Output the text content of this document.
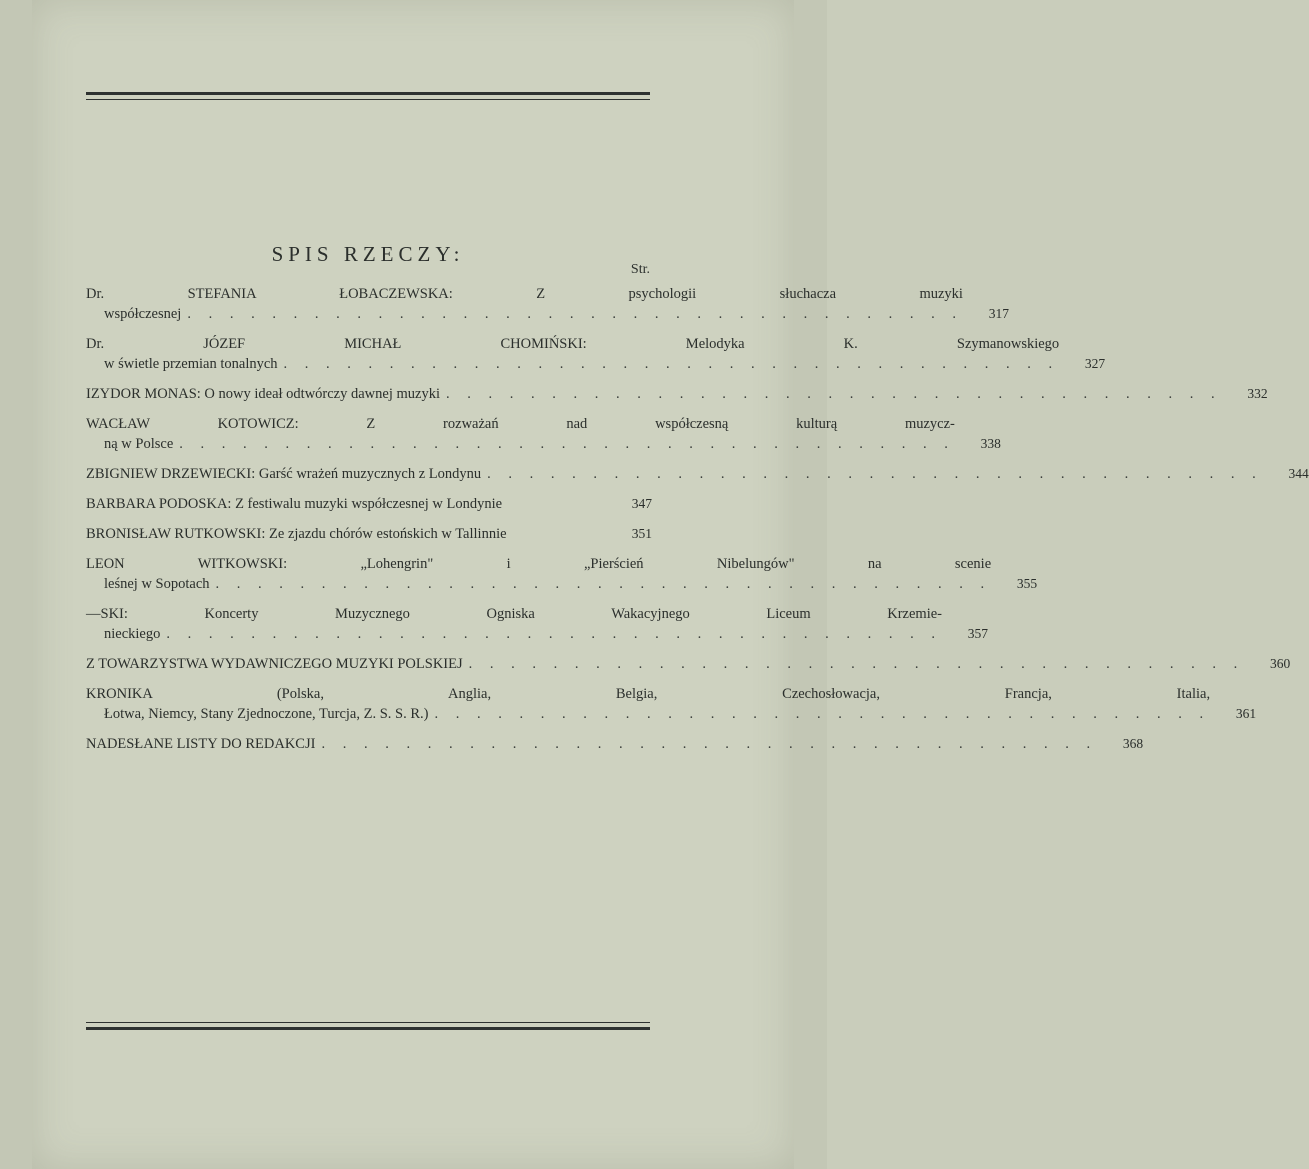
SPIS RZECZY:
Str.
Dr. STEFANIA ŁOBACZEWSKA: Z psychologii słuchacza muzyki
współczesnej . . .	317
Dr. JÓZEF MICHAŁ CHOMIŃSKI: Melodyka K. Szymanowskiego
w świetle przemian tonalnych . . .	327
IZYDOR MONAS: O nowy ideał odtwórczy dawnej muzyki . . .	332
WACŁAW KOTOWICZ: Z rozważań nad współczesną kulturą muzycz-
ną w Polsce . . .	338
ZBIGNIEW DRZEWIECKI: Garść wrażeń muzycznych z Londynu . . .	344
BARBARA PODOSKA: Z festiwalu muzyki współczesnej w Londynie	347
BRONISŁAW RUTKOWSKI: Ze zjazdu chórów estońskich w Tallinnie	351
LEON WITKOWSKI: „Lohengrin" i „Pierścień Nibelungów" na scenie
leśnej w Sopotach . . .	355
—SKI: Koncerty Muzycznego Ogniska Wakacyjnego Liceum Krzemie-
nieckiego . . .	357
Z TOWARZYSTWA WYDAWNICZEGO MUZYKI POLSKIEJ . . .	360
KRONIKA (Polska, Anglia, Belgia, Czechosłowacja, Francja, Italia,
Łotwa, Niemcy, Stany Zjednoczone, Turcja, Z. S. S. R.) . . .	361
NADESŁANE LISTY DO REDAKCJI . . .	368
